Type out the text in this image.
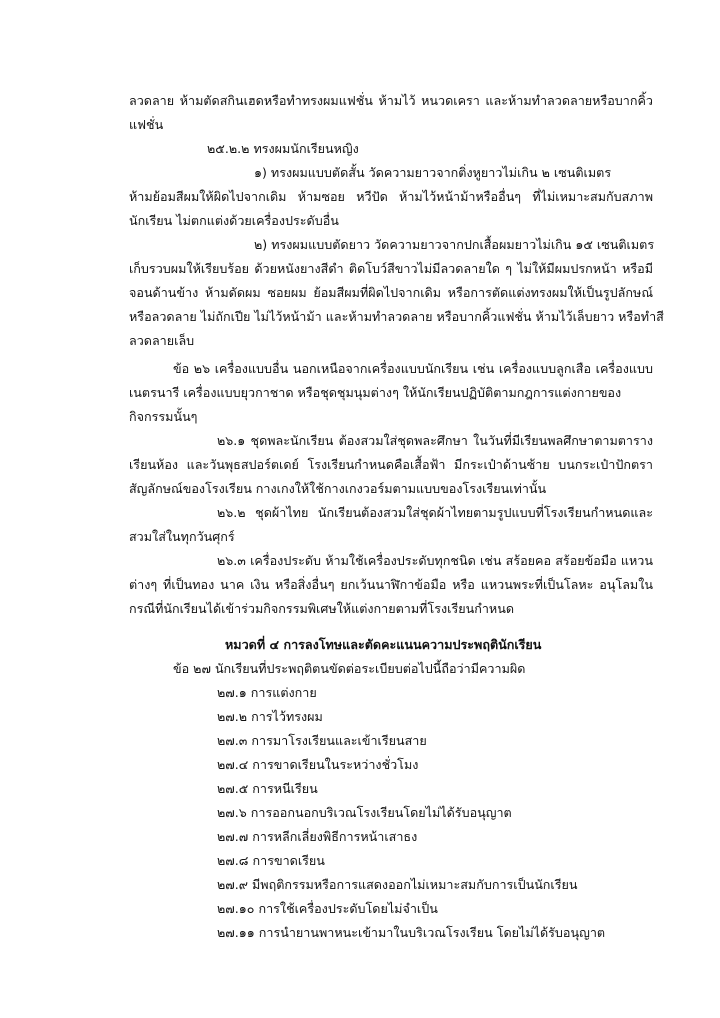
ลวดลาย ห้ามตัดสกินเฮดหรือทำทรงผมแฟชั่น ห้ามไว้ หนวดเครา และห้ามทำลวดลายหรือบากคิ้ว
แฟชั่น
๒๕.๒.๒ ทรงผมนักเรียนหญิง
๑) ทรงผมแบบตัดสั้น วัดความยาวจากติ่งหูยาวไม่เกิน ๒ เซนติเมตร
ห้ามย้อมสีผมให้ผิดไปจากเดิม ห้ามซอย หวีปัด ห้ามไว้หน้าม้าหรืออื่นๆ ที่ไม่เหมาะสมกับสภาพ
นักเรียน ไม่ตกแต่งด้วยเครื่องประดับอื่น
๒) ทรงผมแบบตัดยาว วัดความยาวจากปกเสื้อผมยาวไม่เกิน ๑๕ เซนติเมตร
เก็บรวบผมให้เรียบร้อย ด้วยหนังยางสีดำ ติดโบว์สีขาวไม่มีลวดลายใด ๆ ไม่ให้มีผมปรกหน้า หรือมี
จอนด้านข้าง ห้ามดัดผม ซอยผม ย้อมสีผมที่ผิดไปจากเดิม หรือการตัดแต่งทรงผมให้เป็นรูปลักษณ์
หรือลวดลาย ไม่ถักเปีย ไม่ไว้หน้าม้า และห้ามทำลวดลาย หรือบากคิ้วแฟชั่น ห้ามไว้เล็บยาว หรือทำสี
ลวดลายเล็บ
ข้อ ๒๖ เครื่องแบบอื่น นอกเหนือจากเครื่องแบบนักเรียน เช่น เครื่องแบบลูกเสือ เครื่องแบบ
เนตรนารี เครื่องแบบยุวกาชาด หรือชุดชุมนุมต่างๆ ให้นักเรียนปฏิบัติตามกฎการแต่งกายของ
กิจกรรมนั้นๆ
๒๖.๑ ชุดพละนักเรียน ต้องสวมใส่ชุดพละศึกษา ในวันที่มีเรียนพลศึกษาตามตาราง
เรียนห้อง และวันพุธสปอร์ตเดย์ โรงเรียนกำหนดคือเสื้อฟ้า มีกระเป๋าด้านซ้าย บนกระเป๋าปักตรา
สัญลักษณ์ของโรงเรียน กางเกงให้ใช้กางเกงวอร์มตามแบบของโรงเรียนเท่านั้น
๒๖.๒ ชุดผ้าไทย นักเรียนต้องสวมใส่ชุดผ้าไทยตามรูปแบบที่โรงเรียนกำหนดและ
สวมใส่ในทุกวันศุกร์
๒๖.๓ เครื่องประดับ ห้ามใช้เครื่องประดับทุกชนิด เช่น สร้อยคอ สร้อยข้อมือ แหวน
ต่างๆ ที่เป็นทอง นาค เงิน หรือสิ่งอื่นๆ ยกเว้นนาฬิกาข้อมือ หรือ แหวนพระที่เป็นโลหะ อนุโลมใน
กรณีที่นักเรียนได้เข้าร่วมกิจกรรมพิเศษให้แต่งกายตามที่โรงเรียนกำหนด
หมวดที่ ๔ การลงโทษและตัดคะแนนความประพฤตินักเรียน
ข้อ ๒๗ นักเรียนที่ประพฤติตนขัดต่อระเบียบต่อไปนี้ถือว่ามีความผิด
๒๗.๑ การแต่งกาย
๒๗.๒ การไว้ทรงผม
๒๗.๓ การมาโรงเรียนและเข้าเรียนสาย
๒๗.๔ การขาดเรียนในระหว่างชั่วโมง
๒๗.๕ การหนีเรียน
๒๗.๖ การออกนอกบริเวณโรงเรียนโดยไม่ได้รับอนุญาต
๒๗.๗ การหลีกเลี่ยงพิธีการหน้าเสาธง
๒๗.๘ การขาดเรียน
๒๗.๙ มีพฤติกรรมหรือการแสดงออกไม่เหมาะสมกับการเป็นนักเรียน
๒๗.๑๐ การใช้เครื่องประดับโดยไม่จำเป็น
๒๗.๑๑ การนำยานพาหนะเข้ามาในบริเวณโรงเรียน โดยไม่ได้รับอนุญาต
